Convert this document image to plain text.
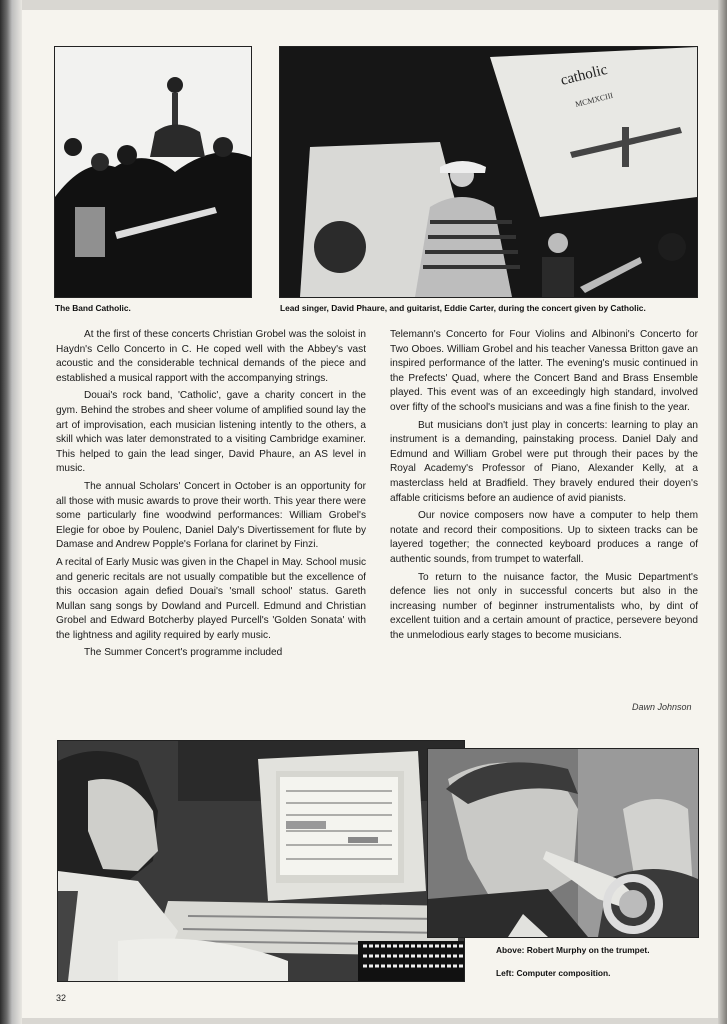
The Band Catholic.
catholic
MCMXCIII
Lead singer, David Phaure, and guitarist, Eddie Carter, during the concert given by Catholic.

At the first of these concerts Christian Grobel was the soloist in Haydn's Cello Concerto in C. He coped well with the Abbey's vast acoustic and the considerable technical demands of the piece and established a musical rapport with the accompanying strings.

Douai's rock band, 'Catholic', gave a charity concert in the gym. Behind the strobes and sheer volume of amplified sound lay the art of improvisation, each musician listening intently to the others, a skill which was later demonstrated to a visiting Cambridge examiner. This helped to gain the lead singer, David Phaure, an AS level in music.

The annual Scholars' Concert in October is an opportunity for all those with music awards to prove their worth. This year there were some particularly fine woodwind performances: William Grobel's Elegie for oboe by Poulenc, Daniel Daly's Divertissement for flute by Damase and Andrew Popple's Forlana for clarinet by Finzi.

A recital of Early Music was given in the Chapel in May. School music and generic recitals are not usually compatible but the excellence of this occasion again defied Douai's 'small school' status. Gareth Mullan sang songs by Dowland and Purcell. Edmund and Christian Grobel and Edward Botcherby played Purcell's 'Golden Sonata' with the lightness and agility required by early music.

The Summer Concert's programme included

Telemann's Concerto for Four Violins and Albinoni's Concerto for Two Oboes. William Grobel and his teacher Vanessa Britton gave an inspired performance of the latter. The evening's music continued in the Prefects' Quad, where the Concert Band and Brass Ensemble played. This event was of an exceedingly high standard, involved over fifty of the school's musicians and was a fine finish to the year.

But musicians don't just play in concerts: learning to play an instrument is a demanding, painstaking process. Daniel Daly and Edmund and William Grobel were put through their paces by the Royal Academy's Professor of Piano, Alexander Kelly, at a masterclass held at Bradfield. They bravely endured their doyen's affable criticisms before an audience of avid pianists.

Our novice composers now have a computer to help them notate and record their compositions. Up to sixteen tracks can be layered together; the connected keyboard produces a range of authentic sounds, from trumpet to waterfall.

To return to the nuisance factor, the Music Department's defence lies not only in successful concerts but also in the increasing number of beginner instrumentalists who, by dint of excellent tuition and a certain amount of practice, persevere beyond the unmelodious early stages to become musicians.

Dawn Johnson
Above: Robert Murphy on the trumpet.
Left: Computer composition.
32
